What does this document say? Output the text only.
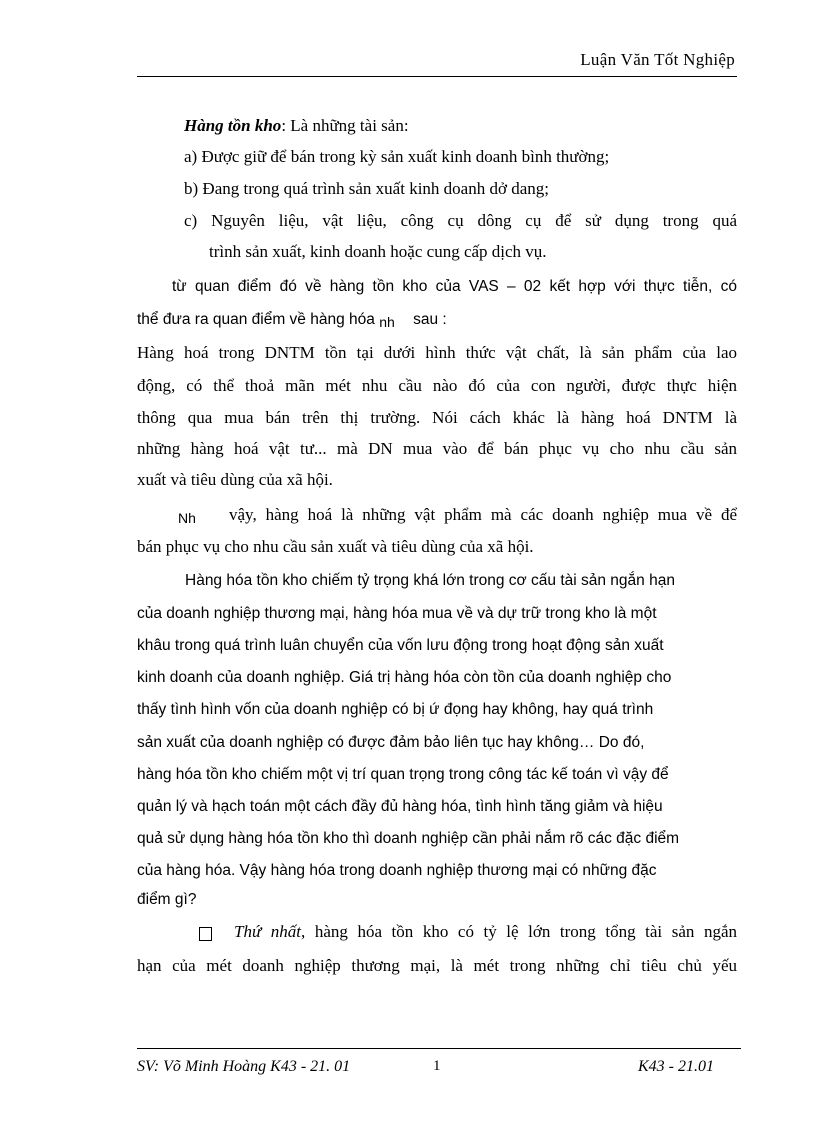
Luận Văn Tốt Nghiệp
Hàng tồn kho: Là những tài sản:
a) Được giữ để bán trong kỳ sản xuất kinh doanh bình thường;
b) Đang trong quá trình sản xuất kinh doanh dở dang;
c) Nguyên liệu, vật liệu, công cụ dông cụ để sử dụng trong quá
trình sản xuất, kinh doanh hoặc cung cấp dịch vụ.
từ quan điểm đó về hàng tồn kho của VAS – 02 kết hợp với thực tiễn, có
thể đưa ra quan điểm về hàng hóa nh sau :
Hàng hoá trong DNTM tồn tại dưới hình thức vật chất, là sản phẩm của lao
động, có thể thoả mãn mét nhu cầu nào đó của con người, được thực hiện
thông qua mua bán trên thị trường. Nói cách khác là hàng hoá DNTM là
những hàng hoá vật tư... mà DN mua vào để bán phục vụ cho nhu cầu sản
xuất và tiêu dùng của xã hội.
Nh vậy, hàng hoá là những vật phẩm mà các doanh nghiệp mua về để
bán phục vụ cho nhu cầu sản xuất và tiêu dùng của xã hội.
Hàng hóa tồn kho chiếm tỷ trọng khá lớn trong cơ cấu tài sản ngắn hạn
của doanh nghiệp thương mại, hàng hóa mua về và dự trữ trong kho là một
khâu trong quá trình luân chuyển của vốn lưu động trong hoạt động sản xuất
kinh doanh của doanh nghiệp. Giá trị hàng hóa còn tồn của doanh nghiệp cho
thấy tình hình vốn của doanh nghiệp có bị ứ đọng hay không, hay quá trình
sản xuất của doanh nghiệp có được đảm bảo liên tục hay không… Do đó,
hàng hóa tồn kho chiếm một vị trí quan trọng trong công tác kế toán vì vậy để
quản lý và hạch toán một cách đầy đủ hàng hóa, tình hình tăng giảm và hiệu
quả sử dụng hàng hóa tồn kho thì doanh nghiệp cần phải nắm rõ các đặc điểm
của hàng hóa. Vậy hàng hóa trong doanh nghiệp thương mại có những đặc
điểm gì?
Thứ nhất, hàng hóa tồn kho có tỷ lệ lớn trong tổng tài sản ngắn
hạn của mét doanh nghiệp thương mại, là mét trong những chỉ tiêu chủ yếu
SV: Võ Minh Hoàng K43 - 21. 01	1	K43 - 21.01
